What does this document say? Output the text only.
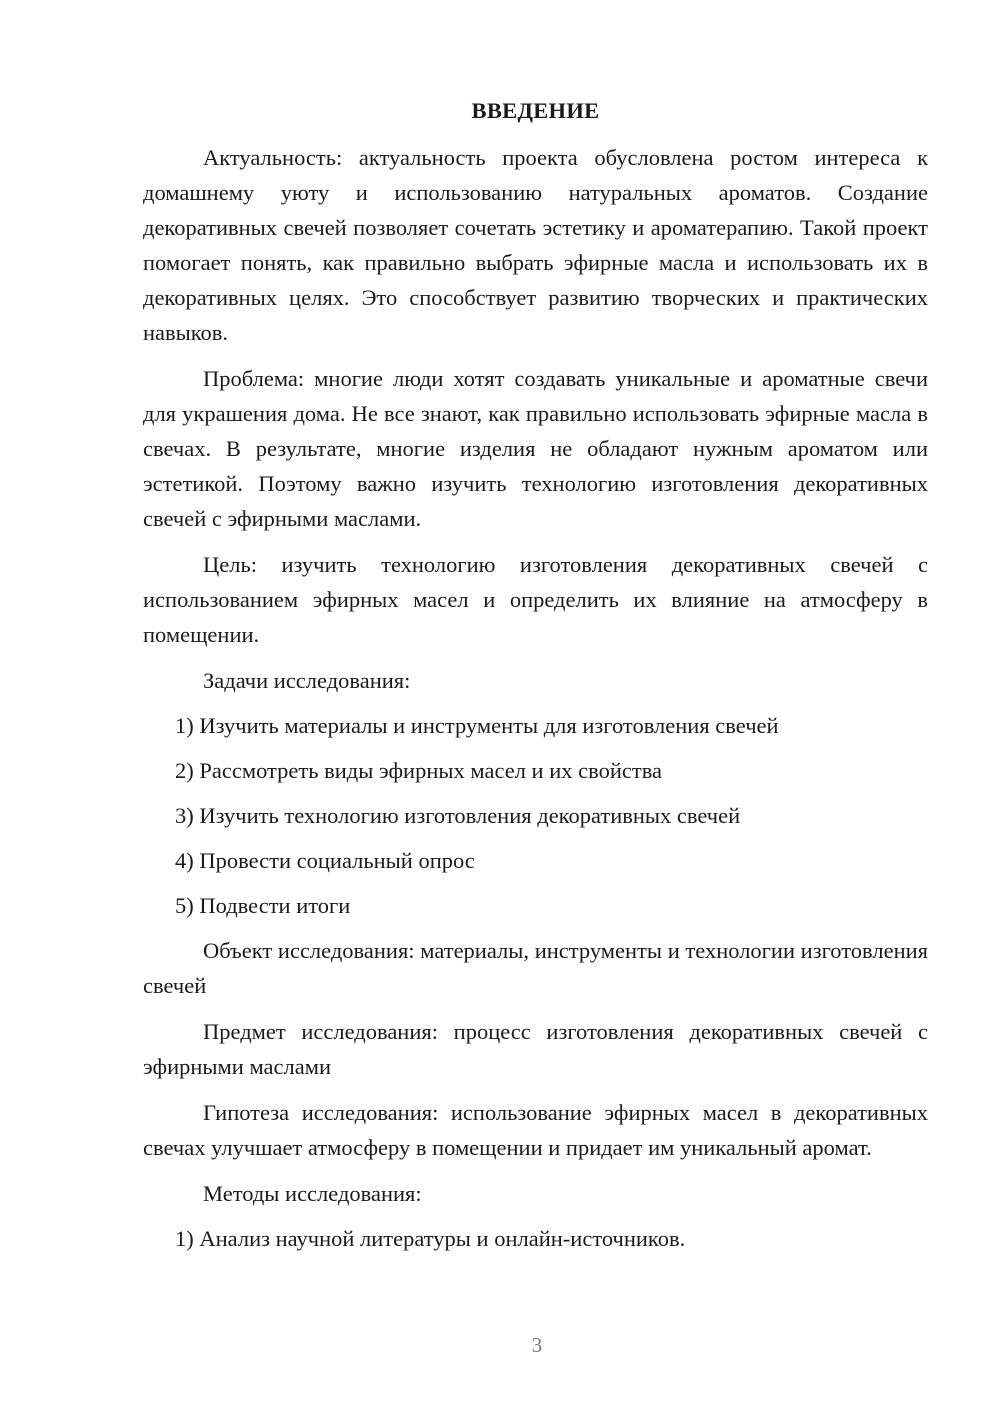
ВВЕДЕНИЕ

Актуальность: актуальность проекта обусловлена ростом интереса к домашнему уюту и использованию натуральных ароматов. Создание декоративных свечей позволяет сочетать эстетику и ароматерапию. Такой проект помогает понять, как правильно выбрать эфирные масла и использовать их в декоративных целях. Это способствует развитию творческих и практических навыков.

Проблема: многие люди хотят создавать уникальные и ароматные свечи для украшения дома. Не все знают, как правильно использовать эфирные масла в свечах. В результате, многие изделия не обладают нужным ароматом или эстетикой. Поэтому важно изучить технологию изготовления декоративных свечей с эфирными маслами.

Цель: изучить технологию изготовления декоративных свечей с использованием эфирных масел и определить их влияние на атмосферу в помещении.

Задачи исследования:

1) Изучить материалы и инструменты для изготовления свечей
2) Рассмотреть виды эфирных масел и их свойства
3) Изучить технологию изготовления декоративных свечей
4) Провести социальный опрос
5) Подвести итоги

Объект исследования: материалы, инструменты и технологии изготовления свечей

Предмет исследования: процесс изготовления декоративных свечей с эфирными маслами

Гипотеза исследования: использование эфирных масел в декоративных свечах улучшает атмосферу в помещении и придает им уникальный аромат.

Методы исследования:

1) Анализ научной литературы и онлайн-источников.
3
